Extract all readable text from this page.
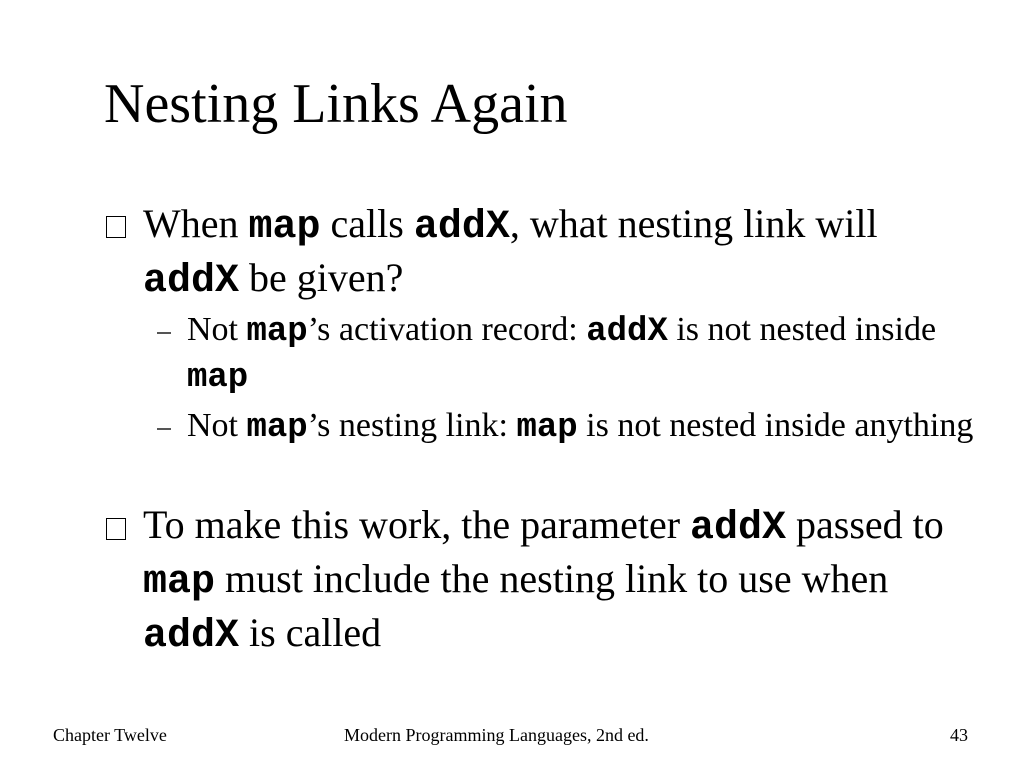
Nesting Links Again
When map calls addX, what nesting link will addX be given?
Not map’s activation record: addX is not nested inside map
Not map’s nesting link: map is not nested inside anything
To make this work, the parameter addX passed to map must include the nesting link to use when addX is called
Chapter Twelve	Modern Programming Languages, 2nd ed.	43
